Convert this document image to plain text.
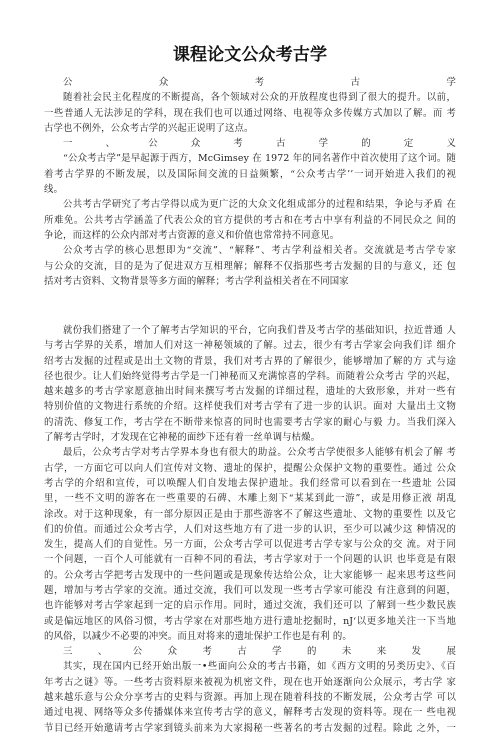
课程论文公众考古学

公众考古学

随着社会民主化程度的不断提高，各个领域对公众的开放程度也得到了很大的提升。以前，

一些普通人无法涉足的学科，现在我们也可以通过网络、电视等众多传媒方式加以了解。而 考

古学也不例外，公众考古学的兴起正说明了这点。

一、公众考古学的定义

“公众考古学”是早起源于西方，McGimsey 在 1972 年的同名著作中首次使用了这个词。随

着考古学界的不断发展，以及国际间交流的日益频繁，“公众考古学’’一词开始进入我们的视

线。

公共考古学研究了考古学得以成为更广泛的大众文化组成部分的过程和结果，争论与矛盾 在

所难免。公共考古学涵盖了代表公众的官方提供的考古和在考古中享有利益的不同民众之 间的

争论，而这样的公众内部对考古资源的意义和价值也常常持不同意见。

公众考古学的核心思想即为“交流”、“解释”、考古学利益相关者。交流就是考古学专家

与公众的交流，目的是为了促进双方互相理解；解释不仅指那些考古发掘的目的与意义，还 包

括对考古资料、文物背景等多方面的解释；考古学利益相关者在不同国家

就份我们搭建了一个了解考古学知识的平台，它向我们普及考古学的基础知识，拉近普通 人

与考古学界的关系，增加人们对这一神秘领域的了解。过去，很少有考古学家会向我们详 细介

绍考古发掘的过程或是出土文物的背景，我们对考古界的了解很少，能够增加了解的方 式与途

径也很少。让人们始终觉得考古学是一门神秘而又充满惊喜的学科。而随着公众考古 学的兴起，

越来越多的考古学家愿意抽出时间来撰写考古发掘的详细过程，遗址的大致形象，并对一些有

特别价值的文物进行系统的介绍。这样使我们对考古学有了进一步的认识。面对 大量出土文物

的清洗、修复工作，考古学在不断带来惊喜的同时也需要考古学家的耐心与毅 力。当我们深入

了解考古学时，才发现在它神秘的面纱下还有着一丝单调与枯燥。

最后，公众考古学对考古学界本身也有很大的助益。公众考古学使很多人能够有机会了解 考

古学，一方面它可以向人们宣传对文物、遗址的保护，提醒公众保护文物的重要性。通过 公众

考古学的介绍和宣传，可以唤醒人们自发地去保护遗址。我们经常可以看到在一些遗址 公园

里，一些不文明的游客在一些重要的石碑、木雕上刻下“某某到此一游”，或是用修正液 胡乱

涂改。对于这种现象，有一部分原因正是由于那些游客不了解这些遗址、文物的重要性 以及它

们的价值。而通过公众考古学，人们对这些地方有了进一步的认识，至少可以减少这 种情况的

发生，提高人们的自觉性。另一方面，公众考古学可以促进考古学专家与公众的交 流。对于同

一个问题，一百个人可能就有一百种不同的看法，考古学家对于一个问题的认识 也毕竟是有限

的。公众考古学把考古发现中的一些问题或是现象传达给公众，让大家能够一 起来思考这些问

题，增加与考古学家的交流。通过交流，我们可以发现一些考古学家可能没 有注意到的问题，

也许能够对考古学家起到一定的启示作用。同时，通过交流，我们还可以 了解到一些少数民族

或是偏远地区的风俗习惯，考古学家在对那些地方进行遗址挖掘时，nJ‘以更多地关注一下当地

的风俗，以减少不必要的冲突。而且对将来的遗址保护工作也是有利 的。

三、公众考古学的未来发展

其实，现在国内已经开始出版一•些面向公众的考古书籍，如《西方文明的另类历史》、《百

年考古之谜》等。一些考古资料原来被视为机密文件，现在也开始逐渐向公众展示，考古学 家

越来越乐意与公众分享考古的史料与资源。再加上现在随着科技的不断发展，公众考古学 可以

通过电视、网络等众多传播媒体来宣传考古学的意义，解释考古发现的资料等。现在一 些电视

节目已经开始邀请考古学家到镜头前来为大家揭秘一些著名的考古发掘的过程。除此 之外，一
